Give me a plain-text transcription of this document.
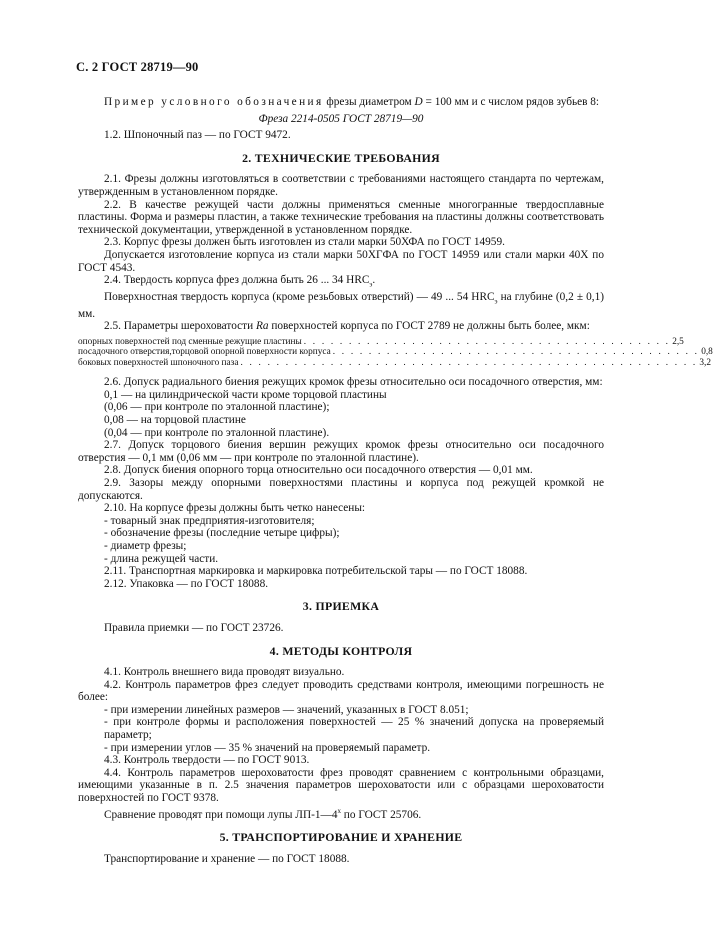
С. 2 ГОСТ 28719—90

Пример условного обозначения фрезы диаметром D = 100 мм и с числом рядов зубьев 8:

Фреза 2214-0505 ГОСТ 28719—90

1.2. Шпоночный паз — по ГОСТ 9472.

2. ТЕХНИЧЕСКИЕ ТРЕБОВАНИЯ

2.1. Фрезы должны изготовляться в соответствии с требованиями настоящего стандарта по чертежам, утвержденным в установленном порядке.

2.2. В качестве режущей части должны применяться сменные многогранные твердосплавные пластины. Форма и размеры пластин, а также технические требования на пластины должны соответствовать технической документации, утвержденной в установленном порядке.

2.3. Корпус фрезы должен быть изготовлен из стали марки 50ХФА по ГОСТ 14959.

Допускается изготовление корпуса из стали марки 50ХГФА по ГОСТ 14959 или стали марки 40Х по ГОСТ 4543.

2.4. Твердость корпуса фрез должна быть 26 ... 34 $HRC_э$.

Поверхностная твердость корпуса (кроме резьбовых отверстий) — 49 ... 54 $HRC_э$ на глубине (0,2 ± 0,1) мм.

2.5. Параметры шероховатости Ra поверхностей корпуса по ГОСТ 2789 не должны быть более, мкм:

опорных поверхностей под сменные режущие пластины . . . . . . . . . . . . . . . . . . . . . . . . . . . . . . . . . . . . . . . . . 2,5
посадочного отверстия,торцовой опорной поверхности корпуса . . . . . . . . . . . . . . . . . . . . . . . . . . . . . . . . . . . . . . . . . 0,8
боковых поверхностей шпоночного паза . . . . . . . . . . . . . . . . . . . . . . . . . . . . . . . . . . . . . . . . . . . . . . . . . . . 3,2

2.6. Допуск радиального биения режущих кромок фрезы относительно оси посадочного отверстия, мм:

0,1 — на цилиндрической части кроме торцовой пластины

(0,06 — при контроле по эталонной пластине);

0,08 — на торцовой пластине

(0,04 — при контроле по эталонной пластине).

2.7. Допуск торцового биения вершин режущих кромок фрезы относительно оси посадочного отверстия — 0,1 мм (0,06 мм — при контроле по эталонной пластине).

2.8. Допуск биения опорного торца относительно оси посадочного отверстия — 0,01 мм.

2.9. Зазоры между опорными поверхностями пластины и корпуса под режущей кромкой не допускаются.

2.10. На корпусе фрезы должны быть четко нанесены:

- товарный знак предприятия-изготовителя;

- обозначение фрезы (последние четыре цифры);

- диаметр фрезы;

- длина режущей части.

2.11. Транспортная маркировка и маркировка потребительской тары — по ГОСТ 18088.

2.12. Упаковка — по ГОСТ 18088.

3. ПРИЕМКА

Правила приемки — по ГОСТ 23726.

4. МЕТОДЫ КОНТРОЛЯ

4.1. Контроль внешнего вида проводят визуально.

4.2. Контроль параметров фрез следует проводить средствами контроля, имеющими погрешность не более:

- при измерении линейных размеров — значений, указанных в ГОСТ 8.051;

- при контроле формы и расположения поверхностей — 25 % значений допуска на проверяемый параметр;

- при измерении углов — 35 % значений на проверяемый параметр.

4.3. Контроль твердости — по ГОСТ 9013.

4.4. Контроль параметров шероховатости фрез проводят сравнением с контрольными образцами, имеющими указанные в п. 2.5 значения параметров шероховатости или с образцами шероховатости поверхностей по ГОСТ 9378.

Сравнение проводят при помощи лупы ЛП-1—4$^x$ по ГОСТ 25706.

5. ТРАНСПОРТИРОВАНИЕ И ХРАНЕНИЕ

Транспортирование и хранение — по ГОСТ 18088.
